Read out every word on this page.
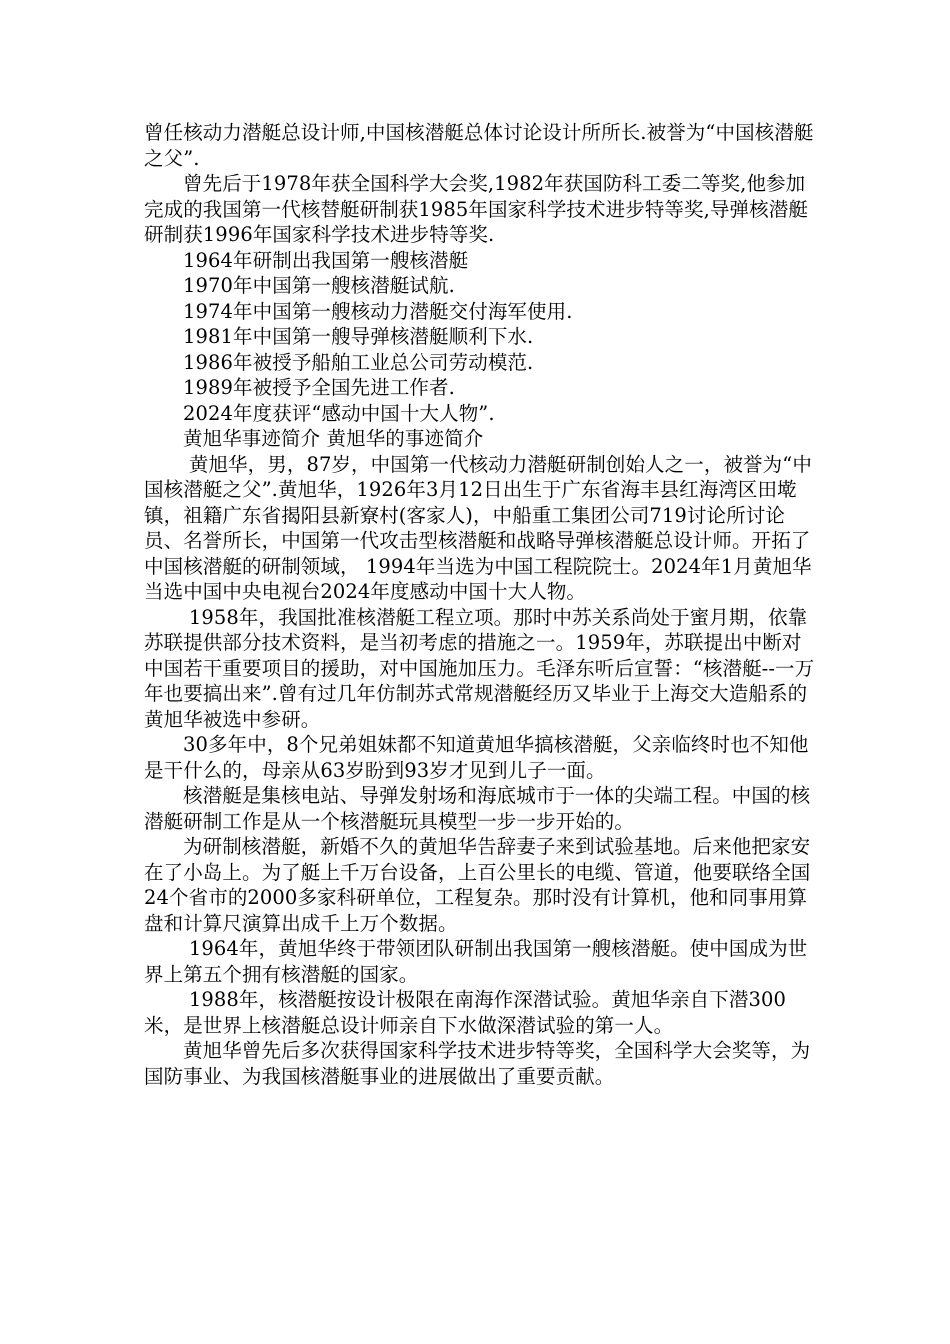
曾任核动力潜艇总设计师,中国核潜艇总体讨论设计所所长.被誉为“中国核潜艇之父”.

曾先后于1978年获全国科学大会奖,1982年获国防科工委二等奖,他参加完成的我国第一代核替艇研制获1985年国家科学技术进步特等奖,导弹核潜艇研制获1996年国家科学技术进步特等奖.

1964年研制出我国第一艘核潜艇

1970年中国第一艘核潜艇试航.

1974年中国第一艘核动力潜艇交付海军使用.

1981年中国第一艘导弹核潜艇顺利下水.

1986年被授予船舶工业总公司劳动模范.

1989年被授予全国先进工作者.

2024年度获评“感动中国十大人物”.

黄旭华事迹简介 黄旭华的事迹简介

黄旭华，男，87岁，中国第一代核动力潜艇研制创始人之一，被誉为“中国核潜艇之父”.黄旭华，1926年3月12日出生于广东省海丰县红海湾区田墘镇，祖籍广东省揭阳县新寮村(客家人)，中船重工集团公司719讨论所讨论员、名誉所长，中国第一代攻击型核潜艇和战略导弹核潜艇总设计师。开拓了中国核潜艇的研制领域， 1994年当选为中国工程院院士。2024年1月黄旭华当选中国中央电视台2024年度感动中国十大人物。

1958年，我国批准核潜艇工程立项。那时中苏关系尚处于蜜月期，依靠苏联提供部分技术资料，是当初考虑的措施之一。1959年，苏联提出中断对中国若干重要项目的援助，对中国施加压力。毛泽东听后宣誓：“核潜艇--一万年也要搞出来”.曾有过几年仿制苏式常规潜艇经历又毕业于上海交大造船系的黄旭华被选中参研。

30多年中，8个兄弟姐妹都不知道黄旭华搞核潜艇，父亲临终时也不知他是干什么的，母亲从63岁盼到93岁才见到儿子一面。

核潜艇是集核电站、导弹发射场和海底城市于一体的尖端工程。中国的核潜艇研制工作是从一个核潜艇玩具模型一步一步开始的。

为研制核潜艇，新婚不久的黄旭华告辞妻子来到试验基地。后来他把家安在了小岛上。为了艇上千万台设备，上百公里长的电缆、管道，他要联络全国24个省市的2000多家科研单位，工程复杂。那时没有计算机，他和同事用算盘和计算尺演算出成千上万个数据。

1964年，黄旭华终于带领团队研制出我国第一艘核潜艇。使中国成为世界上第五个拥有核潜艇的国家。

1988年，核潜艇按设计极限在南海作深潜试验。黄旭华亲自下潜300米，是世界上核潜艇总设计师亲自下水做深潜试验的第一人。

黄旭华曾先后多次获得国家科学技术进步特等奖，全国科学大会奖等，为国防事业、为我国核潜艇事业的进展做出了重要贡献。
